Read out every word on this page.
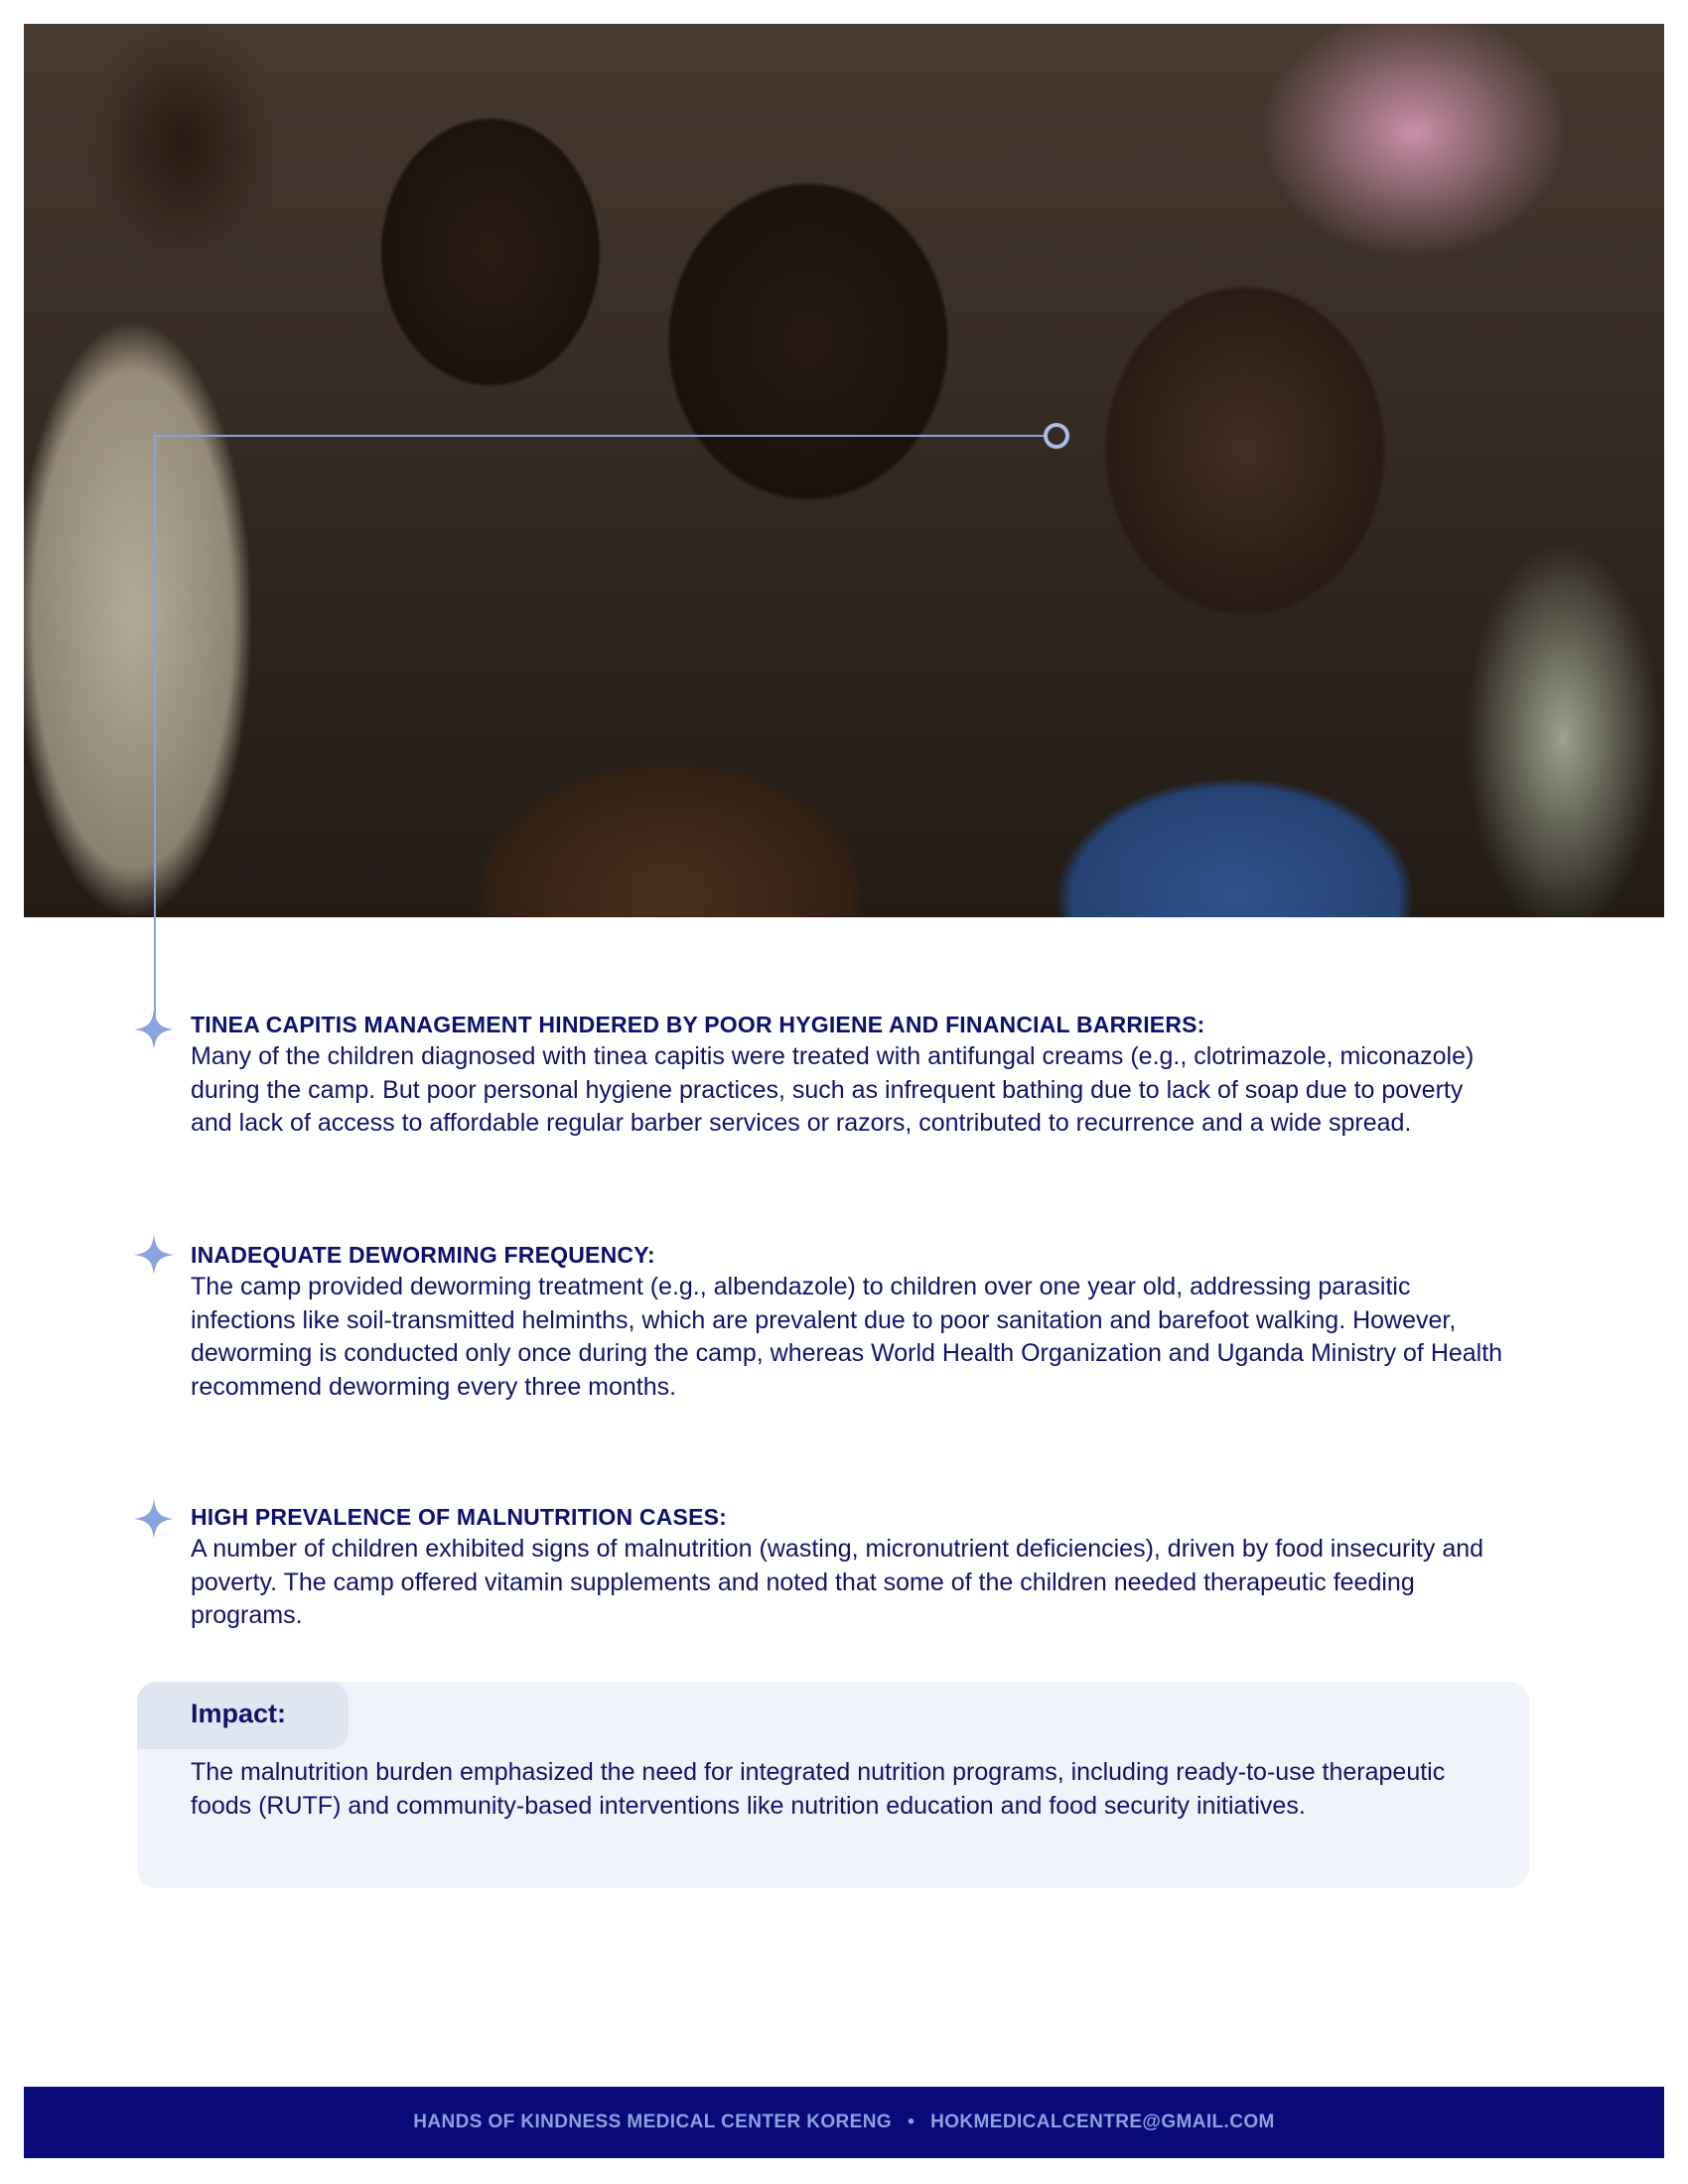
TINEA CAPITIS MANAGEMENT HINDERED BY POOR HYGIENE AND FINANCIAL BARRIERS:

Many of the children diagnosed with tinea capitis were treated with antifungal creams (e.g., clotrimazole, miconazole) during the camp. But poor personal hygiene practices, such as infrequent bathing due to lack of soap due to poverty and lack of access to affordable regular barber services or razors, contributed to recurrence and a wide spread.

INADEQUATE DEWORMING FREQUENCY:

The camp provided deworming treatment (e.g., albendazole) to children over one year old, addressing parasitic infections like soil-transmitted helminths, which are prevalent due to poor sanitation and barefoot walking. However, deworming is conducted only once during the camp, whereas World Health Organization and Uganda Ministry of Health recommend deworming every three months.

HIGH PREVALENCE OF MALNUTRITION CASES:

A number of children exhibited signs of malnutrition (wasting, micronutrient deficiencies), driven by food insecurity and poverty. The camp offered vitamin supplements and noted that some of the children needed therapeutic feeding programs.

Impact:

The malnutrition burden emphasized the need for integrated nutrition programs, including ready-to-use therapeutic foods (RUTF) and community-based interventions like nutrition education and food security initiatives.

HANDS OF KINDNESS MEDICAL CENTER KORENG • HOKMEDICALCENTRE@GMAIL.COM
